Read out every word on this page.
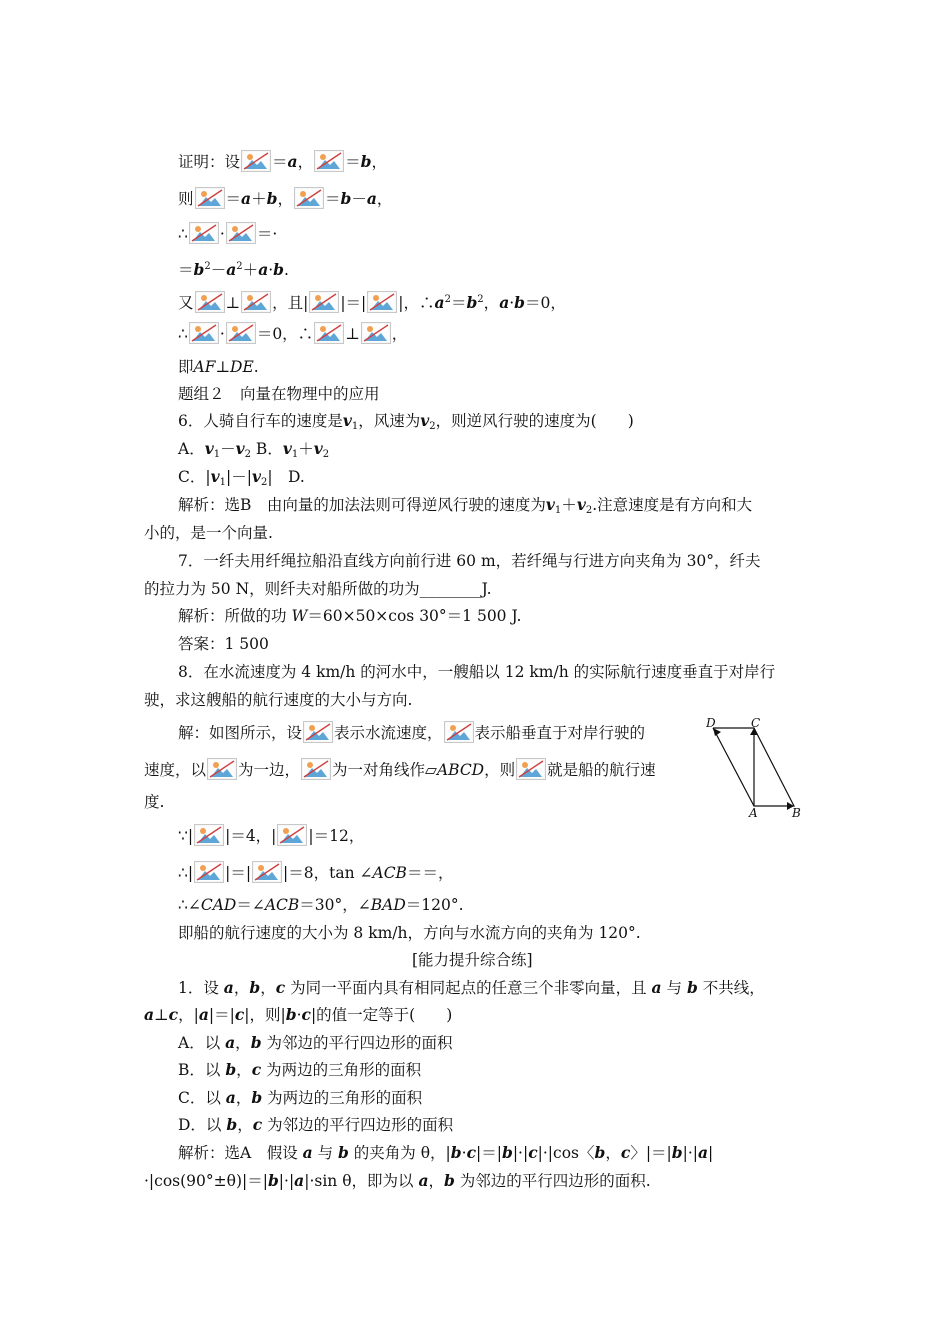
证明：设 ＝a， ＝b，
则 ＝a＋b， ＝b－a，
∴ · ＝·
$=b^2-a^2+a\cdot b$.
又 ⊥ ，且| |＝| |，$\therefore a^2=b^2$，a·b＝0，
∴ · ＝0，∴ ⊥ ，
即AF⊥DE.
题组２　向量在物理中的应用
6．人骑自行车的速度是$v_1$，风速为$v_2$，则逆风行驶的速度为(　　)
A．$v_1-v_2$ B．$v_1+v_2$
C．$|v_1|-|v_2|$　D.
解析：选B　由向量的加法法则可得逆风行驶的速度为$v_1+v_2$.注意速度是有方向和大
小的，是一个向量.
7．一纤夫用纤绳拉船沿直线方向前行进 60 m，若纤绳与行进方向夹角为 30°，纤夫
的拉力为 50 N，则纤夫对船所做的功为________J.
解析：所做的功 W＝60×50×cos 30°＝1 500 J.
答案：1 500
8．在水流速度为 4 km/h 的河水中，一艘船以 12 km/h 的实际航行速度垂直于对岸行
驶，求这艘船的航行速度的大小与方向.
解：如图所示，设 表示水流速度， 表示船垂直于对岸行驶的
速度，以 为一边， 为一对角线作▱ABCD，则 就是船的航行速
度.
D	C
A	B
∵| |＝4，| |＝12，
∴| |＝| |＝8，tan ∠ACB＝＝，
∴∠CAD＝∠ACB＝30°，∠BAD＝120°.
即船的航行速度的大小为 8 km/h，方向与水流方向的夹角为 120°.
[能力提升综合练]
1．设 a，b，c 为同一平面内具有相同起点的任意三个非零向量，且 a 与 b 不共线，
a⊥c，|a|＝|c|，则|b·c|的值一定等于(　　)
A．以 a，b 为邻边的平行四边形的面积
B．以 b，c 为两边的三角形的面积
C．以 a，b 为两边的三角形的面积
D．以 b，c 为邻边的平行四边形的面积
解析：选A　假设 a 与 b 的夹角为 θ，|b·c|＝|b|·|c|·|cos〈b，c〉|＝|b|·|a|
·|cos(90°±θ)|＝|b|·|a|·sin θ，即为以 a，b 为邻边的平行四边形的面积.
